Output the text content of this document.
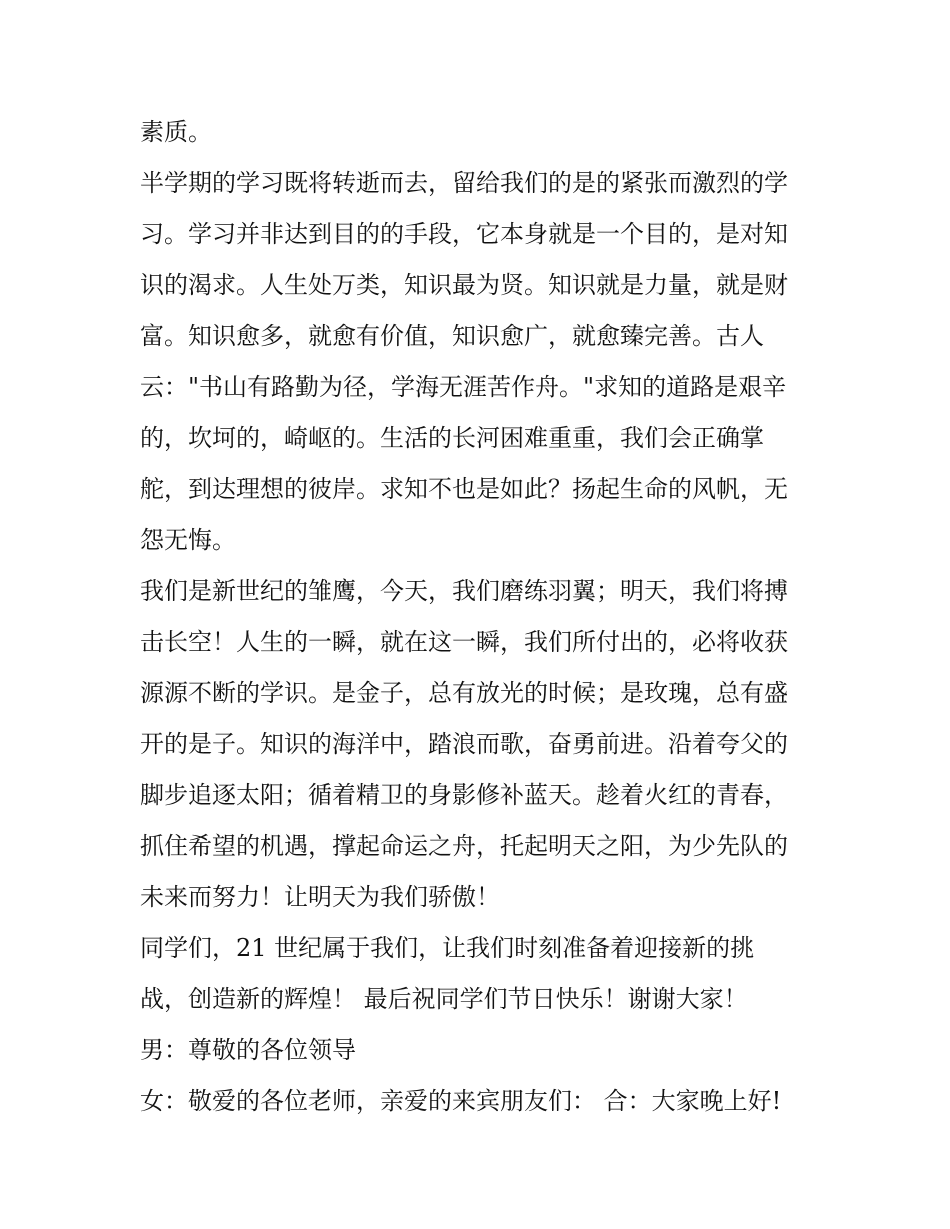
素质。
半学期的学习既将转逝而去，留给我们的是的紧张而激烈的学
习。学习并非达到目的的手段，它本身就是一个目的，是对知
识的渴求。人生处万类，知识最为贤。知识就是力量，就是财
富。知识愈多，就愈有价值，知识愈广，就愈臻完善。古人
云："书山有路勤为径，学海无涯苦作舟。"求知的道路是艰辛
的，坎坷的，崎岖的。生活的长河困难重重，我们会正确掌
舵，到达理想的彼岸。求知不也是如此？扬起生命的风帆，无
怨无悔。
我们是新世纪的雏鹰，今天，我们磨练羽翼；明天，我们将搏
击长空！人生的一瞬，就在这一瞬，我们所付出的，必将收获
源源不断的学识。是金子，总有放光的时候；是玫瑰，总有盛
开的是子。知识的海洋中，踏浪而歌，奋勇前进。沿着夸父的
脚步追逐太阳；循着精卫的身影修补蓝天。趁着火红的青春，
抓住希望的机遇，撑起命运之舟，托起明天之阳，为少先队的
未来而努力！让明天为我们骄傲！
同学们，21 世纪属于我们，让我们时刻准备着迎接新的挑
战，创造新的辉煌！ 最后祝同学们节日快乐！谢谢大家！
男：尊敬的各位领导
女：敬爱的各位老师，亲爱的来宾朋友们： 合：大家晚上好!
